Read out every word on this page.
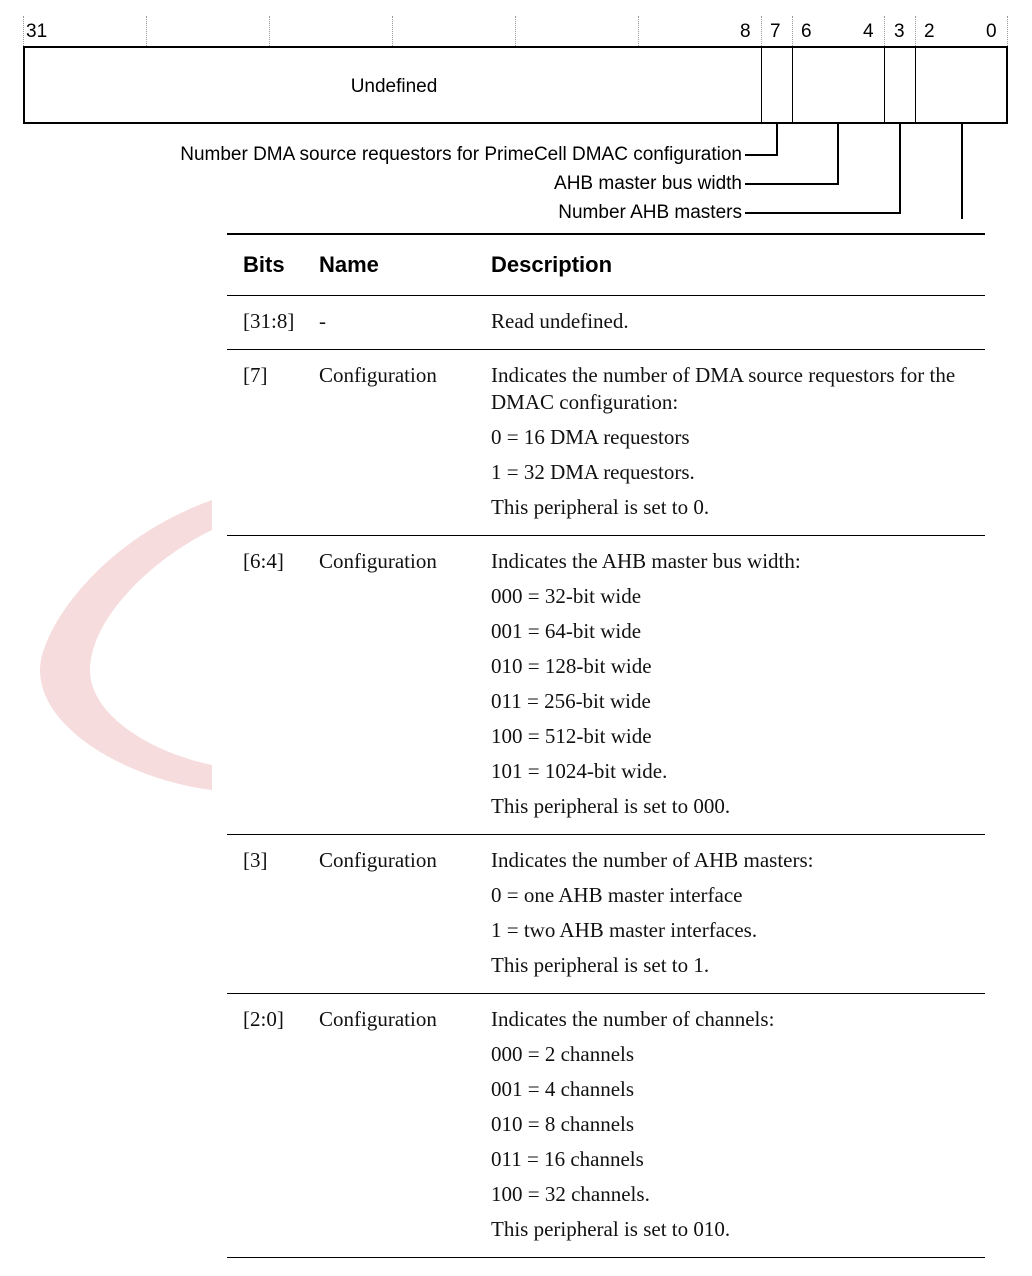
31	8 7 6	4 3 2	0
Undefined
Number DMA source requestors for PrimeCell DMAC configuration
AHB master bus width
Number AHB masters
Bits	Name	Description
[31:8]	-	Read undefined.

[7]	Configuration	Indicates the number of DMA source requestors for the DMAC configuration:

0 = 16 DMA requestors

1 = 32 DMA requestors.

This peripheral is set to 0.

[6:4]	Configuration	Indicates the AHB master bus width:

000 = 32-bit wide

001 = 64-bit wide

010 = 128-bit wide

011 = 256-bit wide

100 = 512-bit wide

101 = 1024-bit wide.

This peripheral is set to 000.

[3]	Configuration	Indicates the number of AHB masters:

0 = one AHB master interface

1 = two AHB master interfaces.

This peripheral is set to 1.

[2:0]	Configuration	Indicates the number of channels:

000 = 2 channels

001 = 4 channels

010 = 8 channels

011 = 16 channels

100 = 32 channels.

This peripheral is set to 010.
